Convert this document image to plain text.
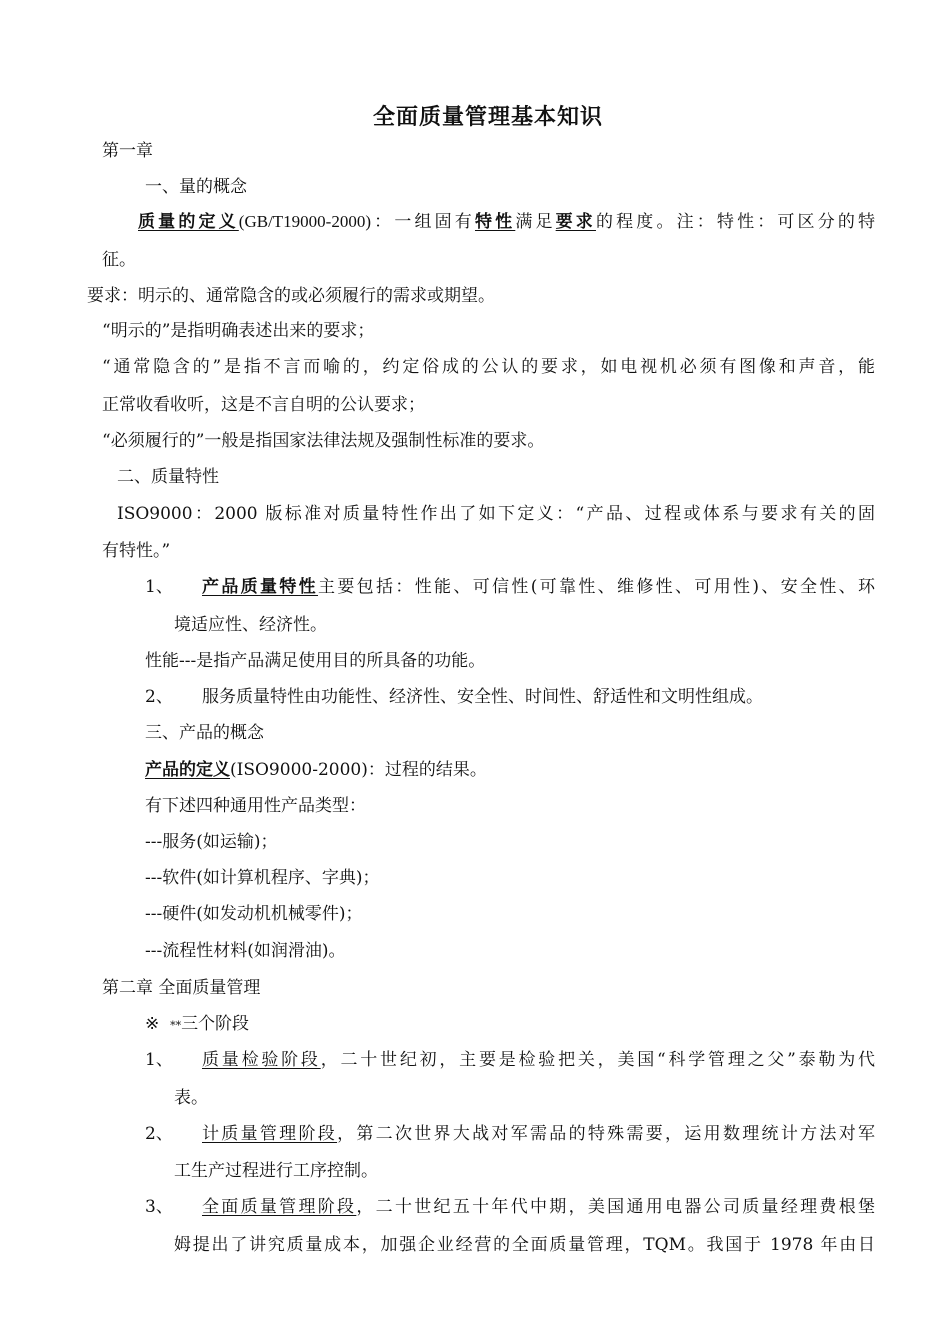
全面质量管理基本知识
第一章
一、量的概念
质量的定义(GB/T19000-2000)：一组固有特性满足要求的程度。注：特性：可区分的特
征。
要求：明示的、通常隐含的或必须履行的需求或期望。
“明示的”是指明确表述出来的要求；
“通常隐含的”是指不言而喻的，约定俗成的公认的要求，如电视机必须有图像和声音，能
正常收看收听，这是不言自明的公认要求；
“必须履行的”一般是指国家法律法规及强制性标准的要求。
二、质量特性
ISO9000：2000 版标准对质量特性作出了如下定义：“产品、过程或体系与要求有关的固
有特性。”
1、 产品质量特性主要包括：性能、可信性(可靠性、维修性、可用性)、安全性、环
境适应性、经济性。
性能---是指产品满足使用目的所具备的功能。
2、 服务质量特性由功能性、经济性、安全性、时间性、舒适性和文明性组成。
三、产品的概念
产品的定义(ISO9000-2000)：过程的结果。
有下述四种通用性产品类型：
---服务(如运输)；
---软件(如计算机程序、字典)；
---硬件(如发动机机械零件)；
---流程性材料(如润滑油)。
第二章 全面质量管理
※ **三个阶段
1、 质量检验阶段，二十世纪初，主要是检验把关，美国“科学管理之父”泰勒为代
表。
2、 计质量管理阶段，第二次世界大战对军需品的特殊需要，运用数理统计方法对军
工生产过程进行工序控制。
3、 全面质量管理阶段，二十世纪五十年代中期，美国通用电器公司质量经理费根堡
姆提出了讲究质量成本，加强企业经营的全面质量管理，TQM。我国于 1978 年由日
